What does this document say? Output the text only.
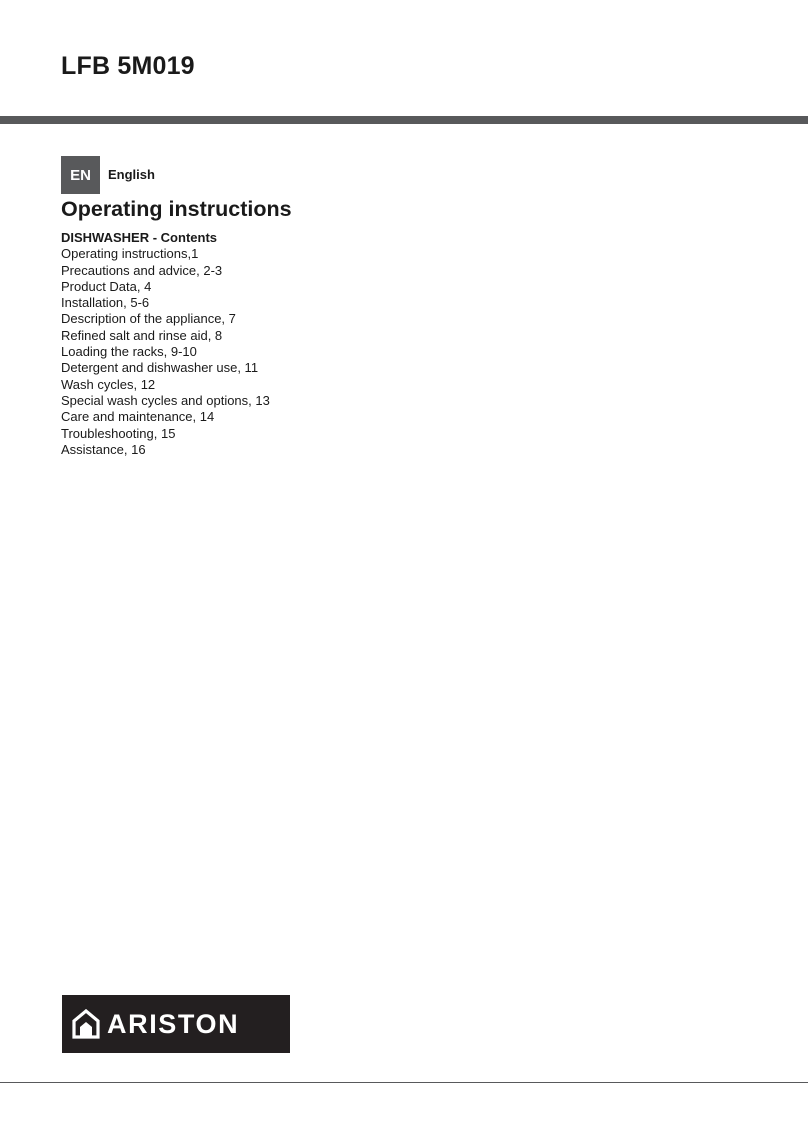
LFB 5M019
EN	English
Operating instructions
DISHWASHER - Contents
Operating instructions,1
Precautions and advice, 2-3
Product Data, 4
Installation, 5-6
Description of the appliance, 7
Refined salt and rinse aid, 8
Loading the racks, 9-10
Detergent and dishwasher use, 11
Wash cycles, 12
Special wash cycles and options, 13
Care and maintenance, 14
Troubleshooting, 15
Assistance, 16
ARISTON
